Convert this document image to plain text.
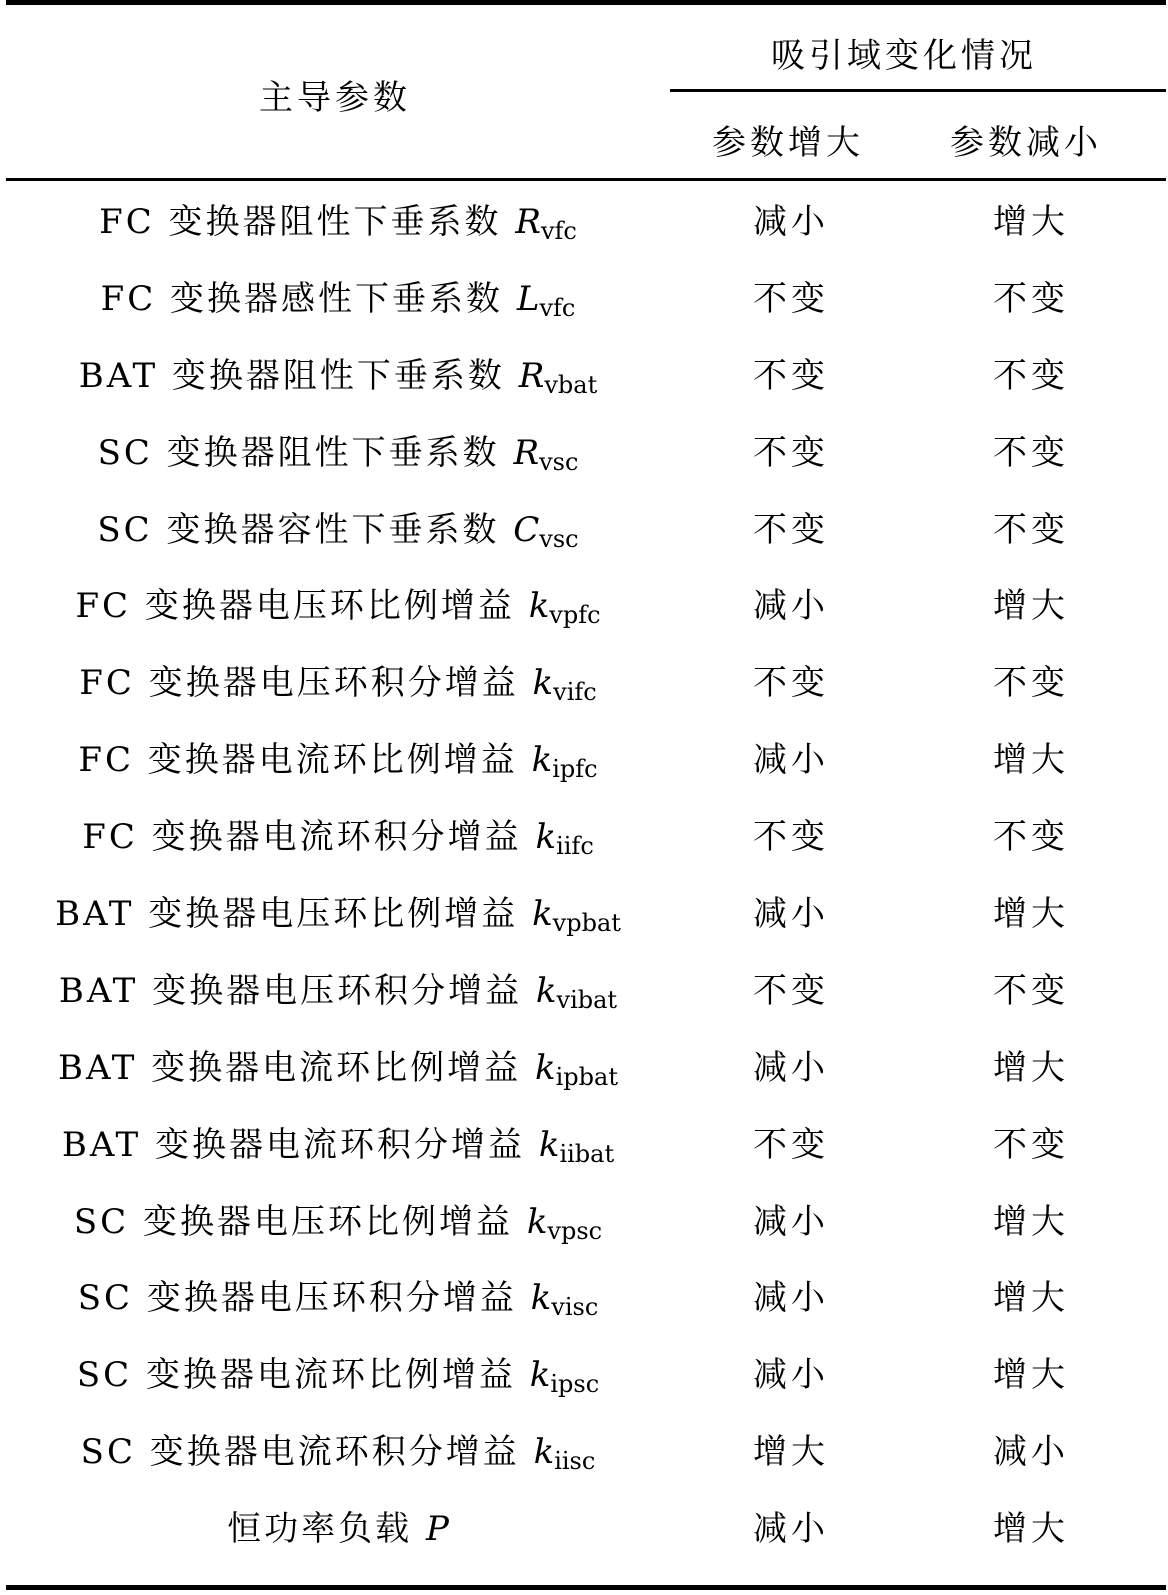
主导参数
吸引域变化情况
参数增大	参数减小
FC 变换器阻性下垂系数 $R_{vfc}$	减小	增大
FC 变换器感性下垂系数 $L_{vfc}$	不变	不变
BAT 变换器阻性下垂系数 $R_{vbat}$	不变	不变
SC 变换器阻性下垂系数 $R_{vsc}$	不变	不变
SC 变换器容性下垂系数 $C_{vsc}$	不变	不变
FC 变换器电压环比例增益 $k_{vpfc}$	减小	增大
FC 变换器电压环积分增益 $k_{vifc}$	不变	不变
FC 变换器电流环比例增益 $k_{ipfc}$	减小	增大
FC 变换器电流环积分增益 $k_{iifc}$	不变	不变
BAT 变换器电压环比例增益 $k_{vpbat}$	减小	增大
BAT 变换器电压环积分增益 $k_{vibat}$	不变	不变
BAT 变换器电流环比例增益 $k_{ipbat}$	减小	增大
BAT 变换器电流环积分增益 $k_{iibat}$	不变	不变
SC 变换器电压环比例增益 $k_{vpsc}$	减小	增大
SC 变换器电压环积分增益 $k_{visc}$	减小	增大
SC 变换器电流环比例增益 $k_{ipsc}$	减小	增大
SC 变换器电流环积分增益 $k_{iisc}$	增大	减小
恒功率负载 P	减小	增大
